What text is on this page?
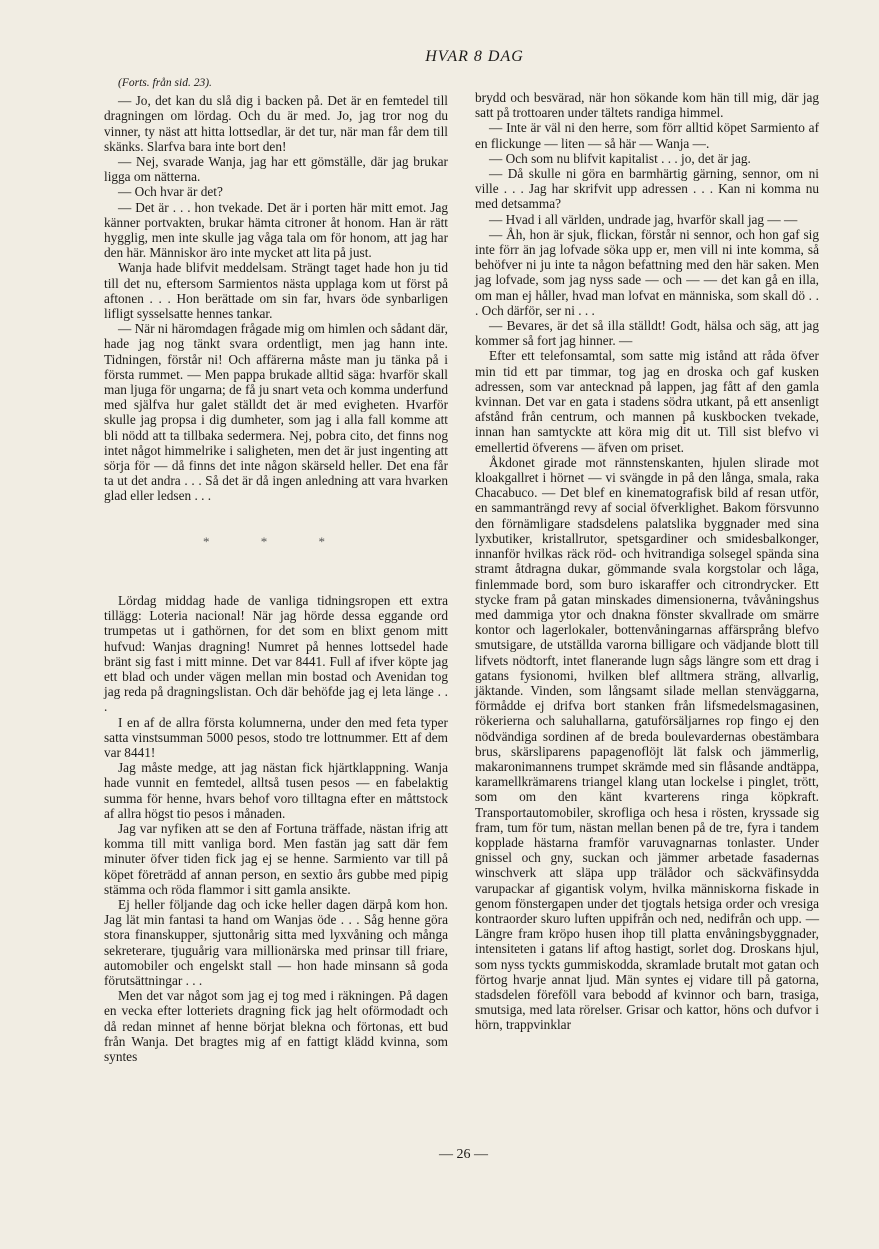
HVAR 8 DAG
(Forts. från sid. 23).

— Jo, det kan du slå dig i backen på. Det är en femtedel till dragningen om lördag. Och du är med. Jo, jag tror nog du vinner, ty näst att hitta lottsedlar, är det tur, när man får dem till skänks. Slarfva bara inte bort den!

— Nej, svarade Wanja, jag har ett gömställe, där jag brukar ligga om nätterna.

— Och hvar är det?

— Det är . . . hon tvekade. Det är i porten här mitt emot. Jag känner portvakten, brukar hämta citroner åt honom. Han är rätt hygglig, men inte skulle jag våga tala om för honom, att jag har den här. Människor äro inte mycket att lita på just.

Wanja hade blifvit meddelsam. Strängt taget hade hon ju tid till det nu, eftersom Sarmientos nästa upplaga kom ut först på aftonen . . . Hon berättade om sin far, hvars öde synbarligen lifligt sysselsatte hennes tankar.

— När ni häromdagen frågade mig om himlen och sådant där, hade jag nog tänkt svara ordentligt, men jag hann inte. Tidningen, förstår ni! Och affärerna måste man ju tänka på i första rummet. — Men pappa brukade alltid säga: hvarför skall man ljuga för ungarna; de få ju snart veta och komma underfund med själfva hur galet ställdt det är med evigheten. Hvarför skulle jag propsa i dig dumheter, som jag i alla fall komme att bli nödd att ta tillbaka sedermera. Nej, pobra cito, det finns nog intet något himmelrike i saligheten, men det är just ingenting att sörja för — då finns det inte någon skärseld heller. Det ena får ta ut det andra . . . Så det är då ingen anledning att vara hvarken glad eller ledsen . . .

* * *

Lördag middag hade de vanliga tidningsropen ett extra tillägg: Loteria nacional! När jag hörde dessa eggande ord trumpetas ut i gathörnen, for det som en blixt genom mitt hufvud: Wanjas dragning! Numret på hennes lottsedel hade bränt sig fast i mitt minne. Det var 8441. Full af ifver köpte jag ett blad och under vägen mellan min bostad och Avenidan tog jag reda på dragningslistan. Och där behöfde jag ej leta länge . . .

I en af de allra första kolumnerna, under den med feta typer satta vinstsumman 5000 pesos, stodo tre lottnummer. Ett af dem var 8441!

Jag måste medge, att jag nästan fick hjärtklappning. Wanja hade vunnit en femtedel, alltså tusen pesos — en fabelaktig summa för henne, hvars behof voro tilltagna efter en måttstock af allra högst tio pesos i månaden.

Jag var nyfiken att se den af Fortuna träffade, nästan ifrig att komma till mitt vanliga bord. Men fastän jag satt där fem minuter öfver tiden fick jag ej se henne. Sarmiento var till på köpet företrädd af annan person, en sextio års gubbe med pipig stämma och röda flammor i sitt gamla ansikte.

Ej heller följande dag och icke heller dagen därpå kom hon. Jag lät min fantasi ta hand om Wanjas öde . . . Såg henne göra stora finanskupper, sjuttonårig sitta med lyxvåning och många sekreterare, tjuguårig vara millionärska med prinsar till friare, automobiler och engelskt stall — hon hade minsann så goda förutsättningar . . .

Men det var något som jag ej tog med i räkningen. På dagen en vecka efter lotteriets dragning fick jag helt oförmodadt och då redan minnet af henne börjat blekna och förtonas, ett bud från Wanja. Det bragtes mig af en fattigt klädd kvinna, som syntes

brydd och besvärad, när hon sökande kom hän till mig, där jag satt på trottoaren under tältets randiga himmel.

— Inte är väl ni den herre, som förr alltid köpet Sarmiento af en flickunge — liten — så här — Wanja —.

— Och som nu blifvit kapitalist . . . jo, det är jag.

— Då skulle ni göra en barmhärtig gärning, sennor, om ni ville . . . Jag har skrifvit upp adressen . . . Kan ni komma nu med detsamma?

— Hvad i all världen, undrade jag, hvarför skall jag — —

— Åh, hon är sjuk, flickan, förstår ni sennor, och hon gaf sig inte förr än jag lofvade söka upp er, men vill ni inte komma, så behöfver ni ju inte ta någon befattning med den här saken. Men jag lofvade, som jag nyss sade — och — — det kan gå en illa, om man ej håller, hvad man lofvat en människa, som skall dö . . . Och därför, ser ni . . .

— Bevares, är det så illa ställdt! Godt, hälsa och säg, att jag kommer så fort jag hinner. —

Efter ett telefonsamtal, som satte mig istånd att råda öfver min tid ett par timmar, tog jag en droska och gaf kusken adressen, som var antecknad på lappen, jag fått af den gamla kvinnan. Det var en gata i stadens södra utkant, på ett ansenligt afstånd från centrum, och mannen på kuskbocken tvekade, innan han samtyckte att köra mig dit ut. Till sist blefvo vi emellertid öfverens — äfven om priset.

Åkdonet girade mot rännstenskanten, hjulen slirade mot kloakgallret i hörnet — vi svängde in på den långa, smala, raka Chacabuco. — Det blef en kinematografisk bild af resan utför, en sammanträngd revy af social öfverklighet. Bakom försvunno den förnämligare stadsdelens palatslika byggnader med sina lyxbutiker, kristallrutor, spetsgardiner och smidesbalkonger, innanför hvilkas räck röd- och hvitrandiga solsegel spända sina stramt åtdragna dukar, gömmande svala korgstolar och låga, finlemmade bord, som buro iskaraffer och citrondrycker. Ett stycke fram på gatan minskades dimensionerna, tvåvåningshus med dammiga ytor och dnakna fönster skvallrade om smärre kontor och lagerlokaler, bottenvåningarnas affärsprång blefvo smutsigare, de utställda varorna billigare och vädjande blott till lifvets nödtorft, intet flanerande lugn sågs längre som ett drag i gatans fysionomi, hvilken blef alltmera sträng, allvarlig, jäktande. Vinden, som långsamt silade mellan stenväggarna, förmådde ej drifva bort stanken från lifsmedelsmagasinen, rökerierna och saluhallarna, gatuförsäljarnes rop fingo ej den nödvändiga sordinen af de breda boulevardernas obestämbara brus, skärsliparens papagenoflöjt lät falsk och jämmerlig, makaronimannens trumpet skrämde med sin flåsande andtäppa, karamellkrämarens triangel klang utan lockelse i pinglet, trött, som om den känt kvarterens ringa köpkraft. Transportautomobiler, skrofliga och hesa i rösten, kryssade sig fram, tum för tum, nästan mellan benen på de tre, fyra i tandem kopplade hästarna framför varuvagnarnas tonlaster. Under gnissel och gny, suckan och jämmer arbetade fasadernas winschverk att släpa upp trälådor och säckväfinsydda varupackar af gigantisk volym, hvilka människorna fiskade in genom fönstergapen under det tjogtals hetsiga order och vresiga kontraorder skuro luften uppifrån och ned, nedifrån och upp. — Längre fram kröpo husen ihop till platta envåningsbyggnader, intensiteten i gatans lif aftog hastigt, sorlet dog. Droskans hjul, som nyss tyckts gummiskodda, skramlade brutalt mot gatan och förtog hvarje annat ljud. Män syntes ej vidare till på gatorna, stadsdelen föreföll vara bebodd af kvinnor och barn, trasiga, smutsiga, med lata rörelser. Grisar och kattor, höns och dufvor i hörn, trappvinklar

— 26 —
